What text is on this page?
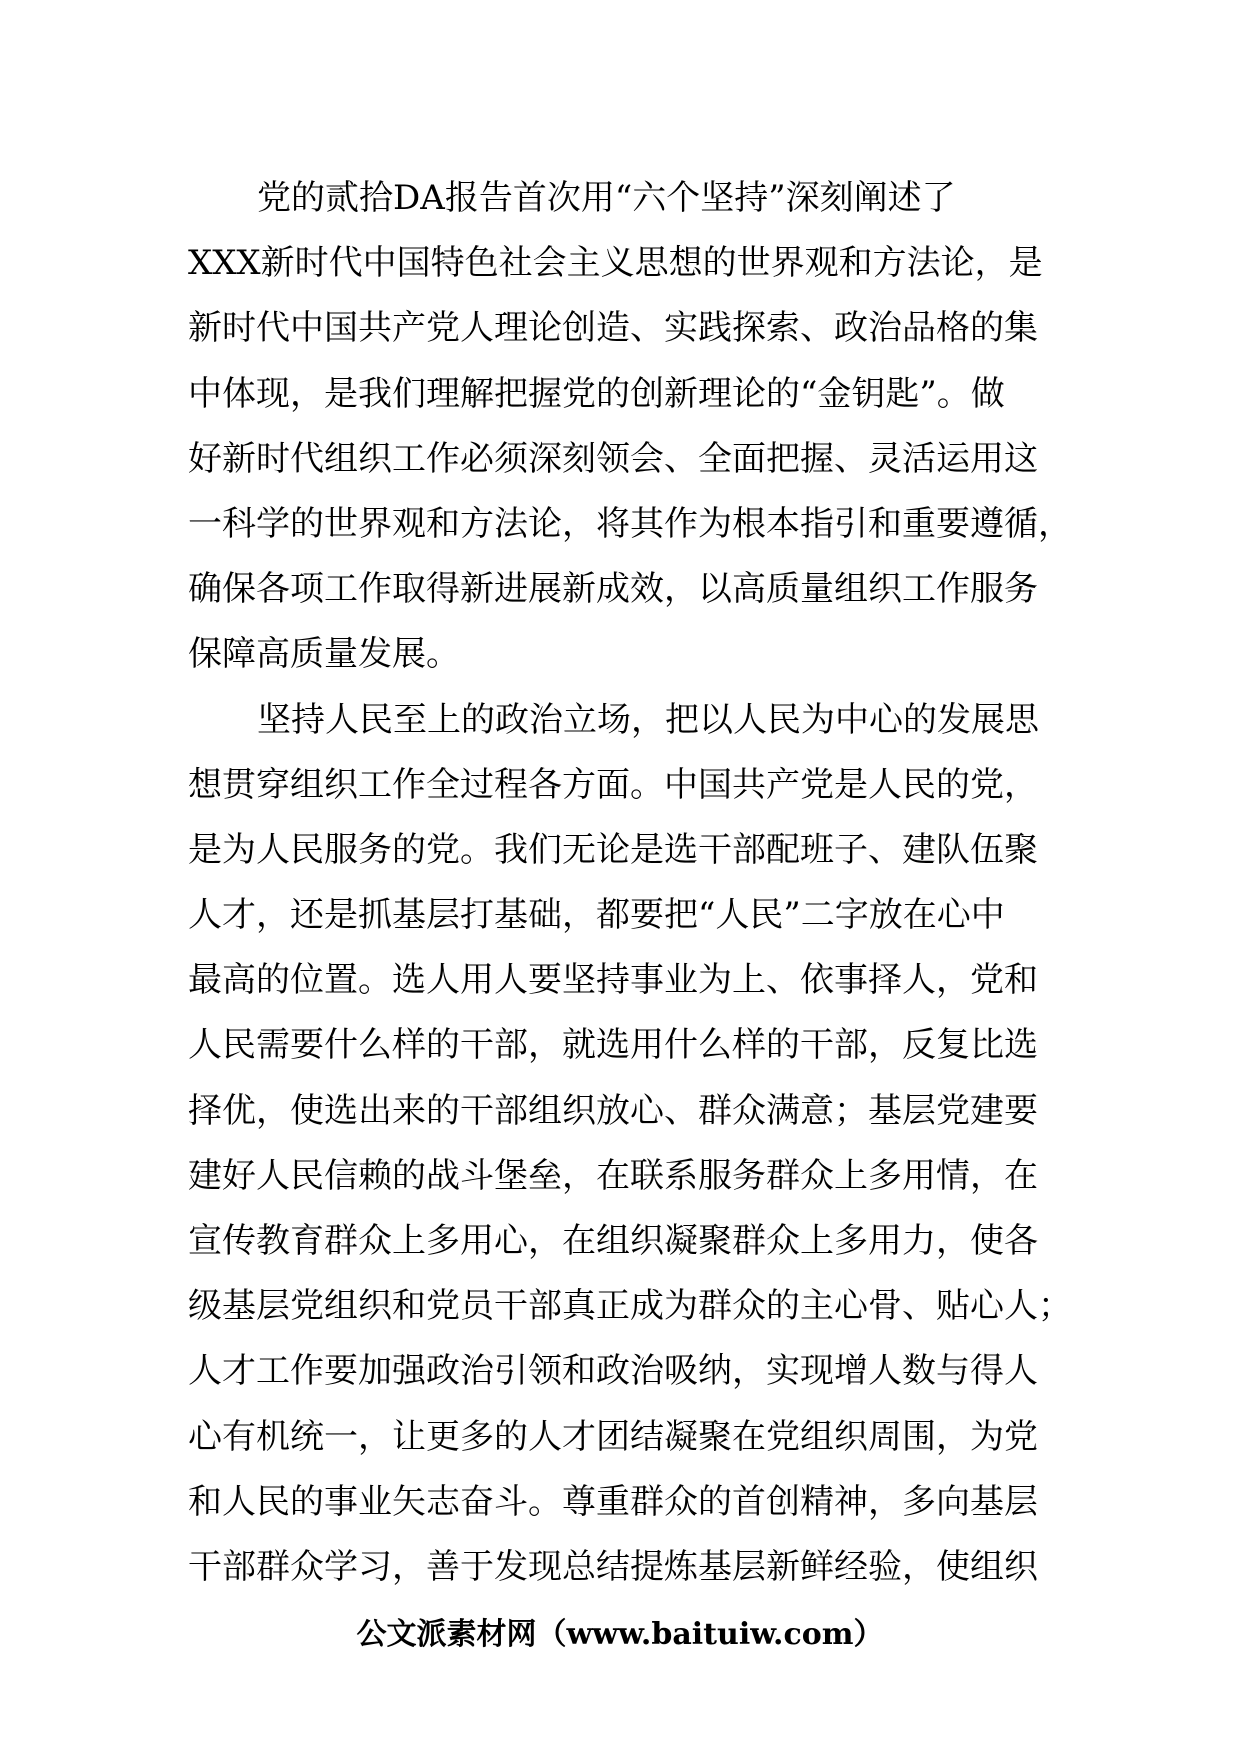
党的贰拾DA报告首次用“六个坚持”深刻阐述了
XXX新时代中国特色社会主义思想的世界观和方法论，是
新时代中国共产党人理论创造、实践探索、政治品格的集
中体现，是我们理解把握党的创新理论的“金钥匙”。做
好新时代组织工作必须深刻领会、全面把握、灵活运用这
一科学的世界观和方法论，将其作为根本指引和重要遵循，
确保各项工作取得新进展新成效，以高质量组织工作服务
保障高质量发展。
坚持人民至上的政治立场，把以人民为中心的发展思
想贯穿组织工作全过程各方面。中国共产党是人民的党，
是为人民服务的党。我们无论是选干部配班子、建队伍聚
人才，还是抓基层打基础，都要把“人民”二字放在心中
最高的位置。选人用人要坚持事业为上、依事择人，党和
人民需要什么样的干部，就选用什么样的干部，反复比选
择优，使选出来的干部组织放心、群众满意；基层党建要
建好人民信赖的战斗堡垒，在联系服务群众上多用情，在
宣传教育群众上多用心，在组织凝聚群众上多用力，使各
级基层党组织和党员干部真正成为群众的主心骨、贴心人；
人才工作要加强政治引领和政治吸纳，实现增人数与得人
心有机统一，让更多的人才团结凝聚在党组织周围，为党
和人民的事业矢志奋斗。尊重群众的首创精神，多向基层
干部群众学习，善于发现总结提炼基层新鲜经验，使组织
公文派素材网（www.baituiw.com）
